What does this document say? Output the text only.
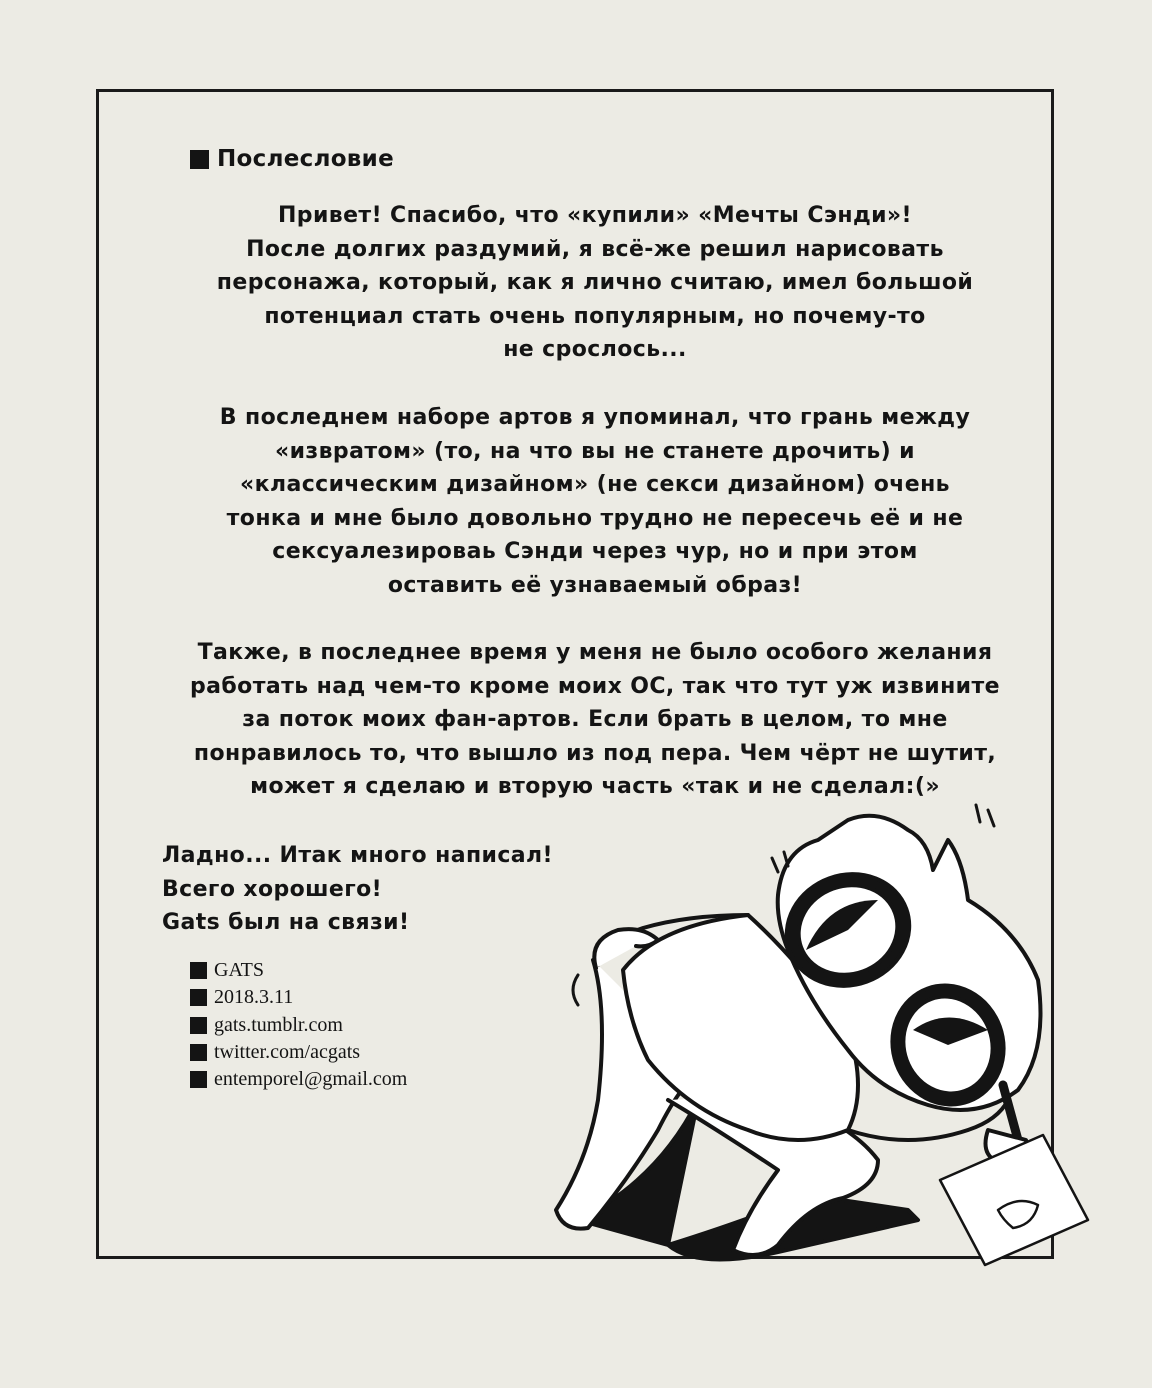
Послесловие

Привет! Спасибо, что «купили» «Мечты Сэнди»!
После долгих раздумий, я всё-же решил нарисовать
персонажа, который, как я лично считаю, имел большой
потенциал стать очень популярным, но почему-то
не срослось...

В последнем наборе артов я упоминал, что грань между
«извратом» (то, на что вы не станете дрочить) и
«классическим дизайном» (не секси дизайном) очень
тонка и мне было довольно трудно не пересечь её и не
сексуалезироваь Сэнди через чур, но и при этом
оставить её узнаваемый образ!

Также, в последнее время у меня не было особого желания
работать над чем-то кроме моих ОС, так что тут уж извините
за поток моих фан-артов. Если брать в целом, то мне
понравилось то, что вышло из под пера. Чем чёрт не шутит,
может я сделаю и вторую часть «так и не сделал:(»

Ладно... Итак много написал!
Всего хорошего!
Gats был на связи!

GATS
2018.3.11
gats.tumblr.com
twitter.com/acgats
entemporel@gmail.com
